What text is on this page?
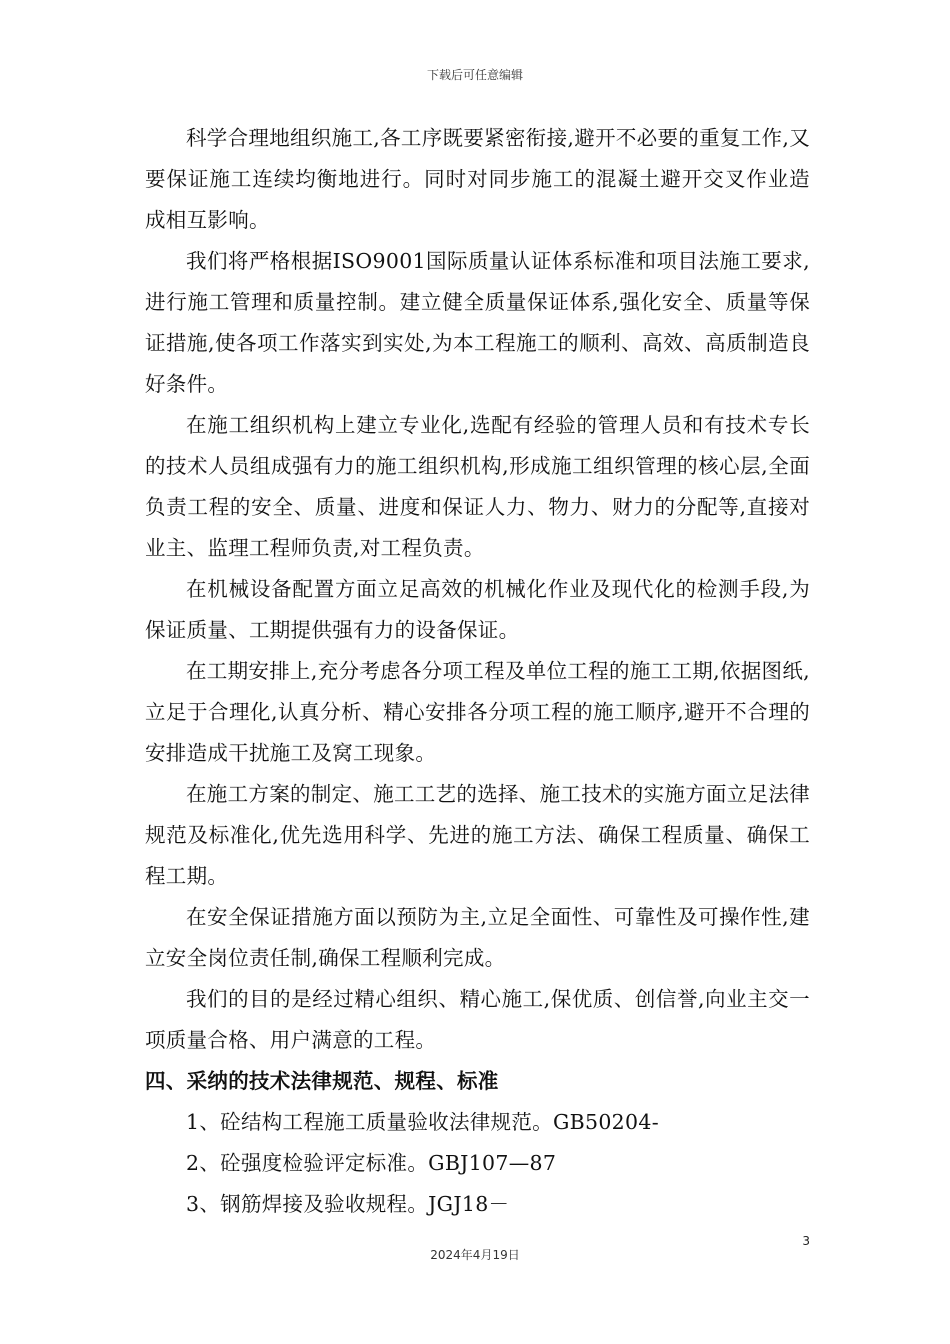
下载后可任意编辑

科学合理地组织施工,各工序既要紧密衔接,避开不必要的重复工作,又要保证施工连续均衡地进行。同时对同步施工的混凝土避开交叉作业造成相互影响。

我们将严格根据ISO9001国际质量认证体系标准和项目法施工要求,进行施工管理和质量控制。建立健全质量保证体系,强化安全、质量等保证措施,使各项工作落实到实处,为本工程施工的顺利、高效、高质制造良好条件。

在施工组织机构上建立专业化,选配有经验的管理人员和有技术专长的技术人员组成强有力的施工组织机构,形成施工组织管理的核心层,全面负责工程的安全、质量、进度和保证人力、物力、财力的分配等,直接对业主、监理工程师负责,对工程负责。

在机械设备配置方面立足高效的机械化作业及现代化的检测手段,为保证质量、工期提供强有力的设备保证。

在工期安排上,充分考虑各分项工程及单位工程的施工工期,依据图纸,立足于合理化,认真分析、精心安排各分项工程的施工顺序,避开不合理的安排造成干扰施工及窝工现象。

在施工方案的制定、施工工艺的选择、施工技术的实施方面立足法律规范及标准化,优先选用科学、先进的施工方法、确保工程质量、确保工程工期。

在安全保证措施方面以预防为主,立足全面性、可靠性及可操作性,建立安全岗位责任制,确保工程顺利完成。

我们的目的是经过精心组织、精心施工,保优质、创信誉,向业主交一项质量合格、用户满意的工程。

四、采纳的技术法律规范、规程、标准

1、砼结构工程施工质量验收法律规范。GB50204-

2、砼强度检验评定标准。GBJ107—87

3、钢筋焊接及验收规程。JGJ18－

3
2024年4月19日
